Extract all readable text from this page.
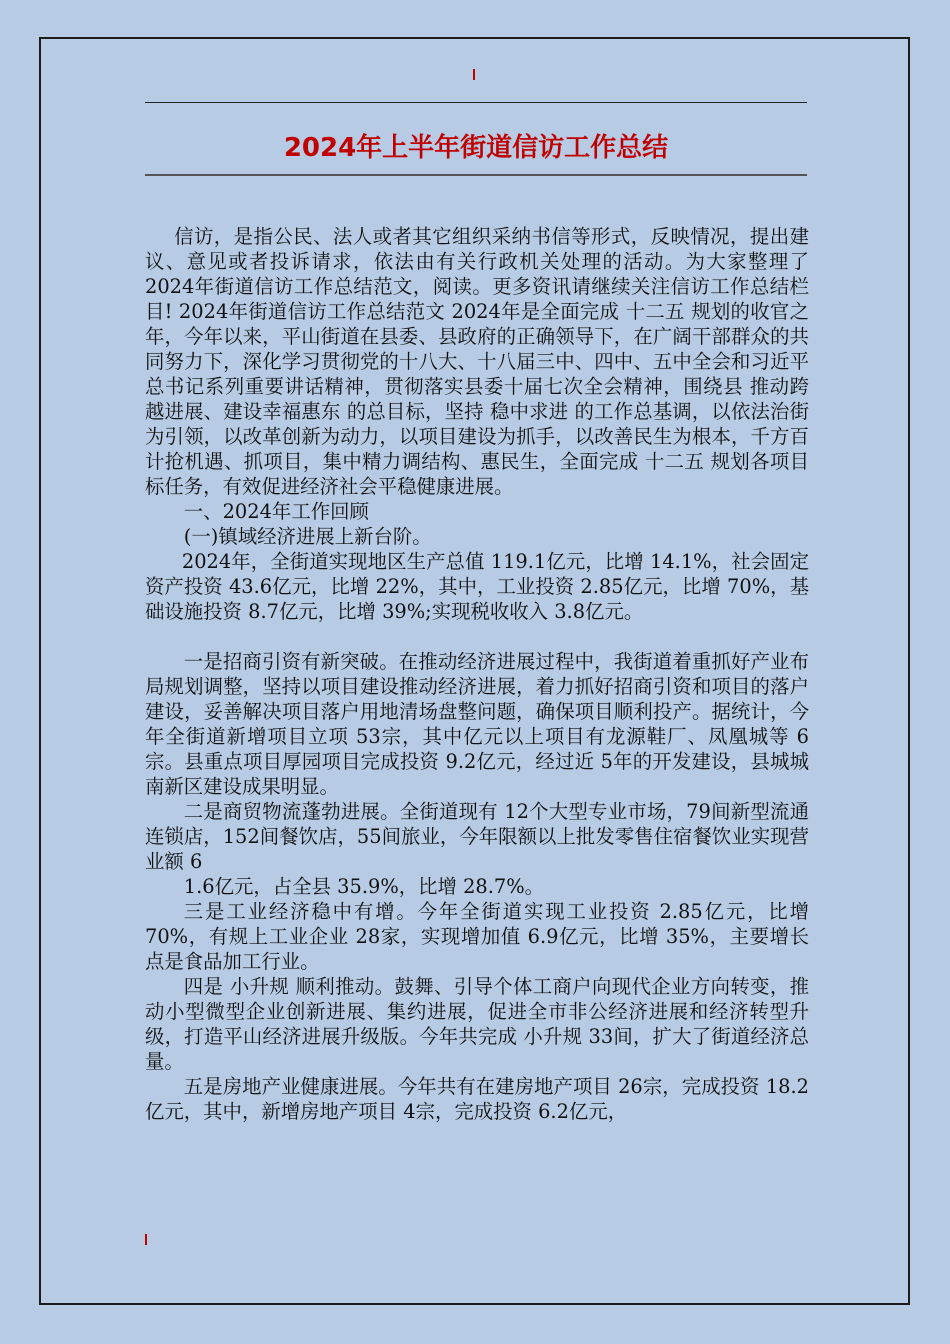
2024年上半年街道信访工作总结

信访，是指公民、法人或者其它组织采纳书信等形式，反映情况，提出建议、意见或者投诉请求，依法由有关行政机关处理的活动。为大家整理了2024年街道信访工作总结范文，阅读。更多资讯请继续关注信访工作总结栏目! 2024年街道信访工作总结范文 2024年是全面完成 十二五 规划的收官之年，今年以来，平山街道在县委、县政府的正确领导下，在广阔干部群众的共同努力下，深化学习贯彻党的十八大、十八届三中、四中、五中全会和习近平总书记系列重要讲话精神，贯彻落实县委十届七次全会精神，围绕县 推动跨越进展、建设幸福惠东 的总目标，坚持 稳中求进 的工作总基调，以依法治街为引领，以改革创新为动力，以项目建设为抓手，以改善民生为根本，千方百计抢机遇、抓项目，集中精力调结构、惠民生，全面完成 十二五 规划各项目标任务，有效促进经济社会平稳健康进展。

一、2024年工作回顾

(一)镇域经济进展上新台阶。

2024年，全街道实现地区生产总值 119.1亿元，比增 14.1%，社会固定资产投资 43.6亿元，比增 22%，其中，工业投资 2.85亿元，比增 70%，基础设施投资 8.7亿元，比增 39%;实现税收收入 3.8亿元。

一是招商引资有新突破。在推动经济进展过程中，我街道着重抓好产业布局规划调整，坚持以项目建设推动经济进展，着力抓好招商引资和项目的落户建设，妥善解决项目落户用地清场盘整问题，确保项目顺利投产。据统计，今年全街道新增项目立项 53宗，其中亿元以上项目有龙源鞋厂、凤凰城等 6宗。县重点项目厚园项目完成投资 9.2亿元，经过近 5年的开发建设，县城城南新区建设成果明显。

二是商贸物流蓬勃进展。全街道现有 12个大型专业市场，79间新型流通连锁店，152间餐饮店，55间旅业，今年限额以上批发零售住宿餐饮业实现营业额 6

1.6亿元，占全县 35.9%，比增 28.7%。

三是工业经济稳中有增。今年全街道实现工业投资 2.85亿元，比增 70%，有规上工业企业 28家，实现增加值 6.9亿元，比增 35%，主要增长点是食品加工行业。

四是 小升规 顺利推动。鼓舞、引导个体工商户向现代企业方向转变，推动小型微型企业创新进展、集约进展，促进全市非公经济进展和经济转型升级，打造平山经济进展升级版。今年共完成 小升规 33间，扩大了街道经济总量。

五是房地产业健康进展。今年共有在建房地产项目 26宗，完成投资 18.2亿元，其中，新增房地产项目 4宗，完成投资 6.2亿元，
